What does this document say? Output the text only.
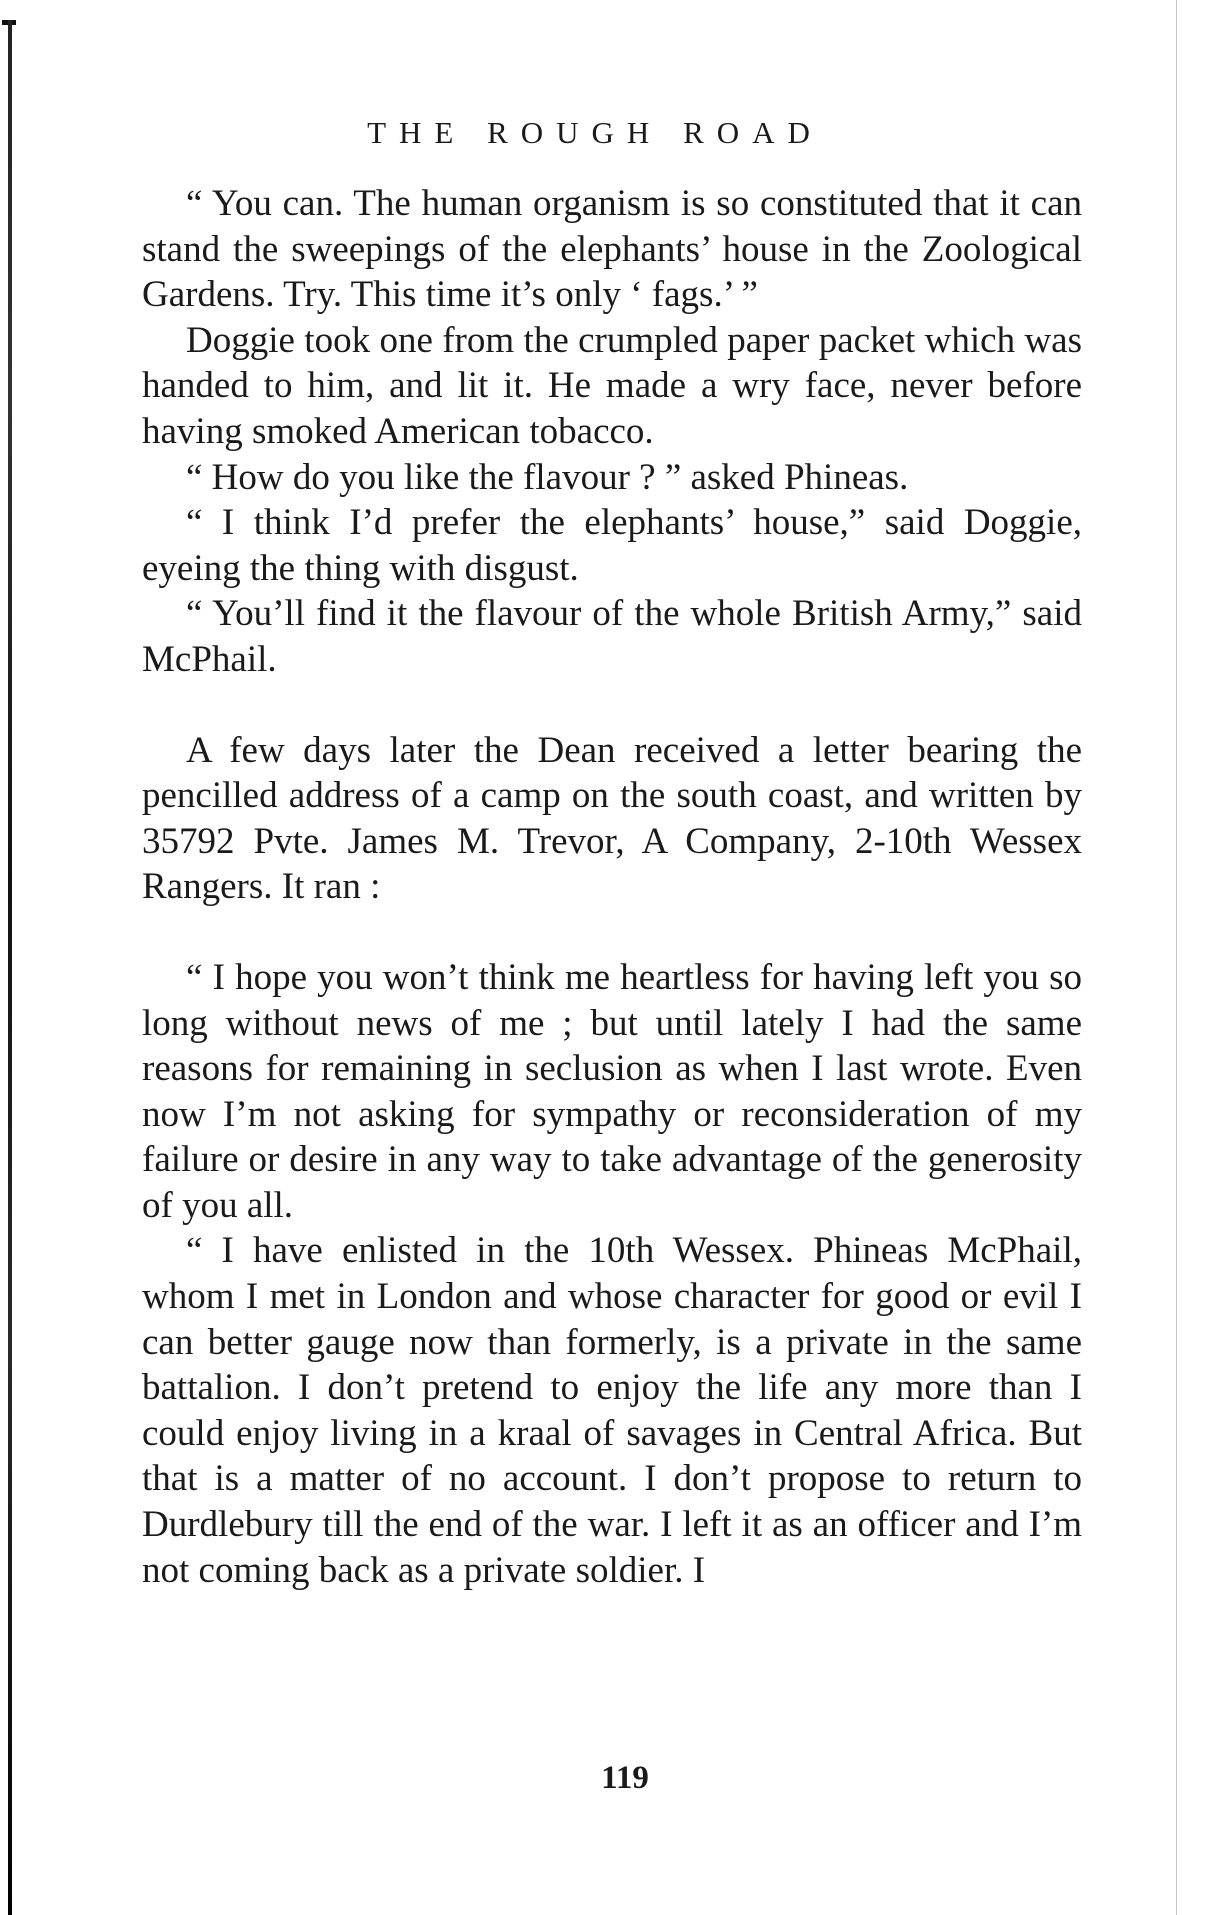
THE ROUGH ROAD

“ You can. The human organism is so constituted that it can stand the sweepings of the elephants’ house in the Zoological Gardens. Try. This time it’s only ‘ fags.’ ”

Doggie took one from the crumpled paper packet which was handed to him, and lit it. He made a wry face, never before having smoked American tobacco.

“ How do you like the flavour ? ” asked Phineas.

“ I think I’d prefer the elephants’ house,” said Doggie, eyeing the thing with disgust.

“ You’ll find it the flavour of the whole British Army,” said McPhail.

A few days later the Dean received a letter bearing the pencilled address of a camp on the south coast, and written by 35792 Pvte. James M. Trevor, A Company, 2-10th Wessex Rangers. It ran :

“ I hope you won’t think me heartless for having left you so long without news of me ; but until lately I had the same reasons for remaining in seclusion as when I last wrote. Even now I’m not asking for sympathy or reconsideration of my failure or desire in any way to take advantage of the generosity of you all.

“ I have enlisted in the 10th Wessex. Phineas McPhail, whom I met in London and whose character for good or evil I can better gauge now than formerly, is a private in the same battalion. I don’t pretend to enjoy the life any more than I could enjoy living in a kraal of savages in Central Africa. But that is a matter of no account. I don’t propose to return to Durdlebury till the end of the war. I left it as an officer and I’m not coming back as a private soldier. I

119
